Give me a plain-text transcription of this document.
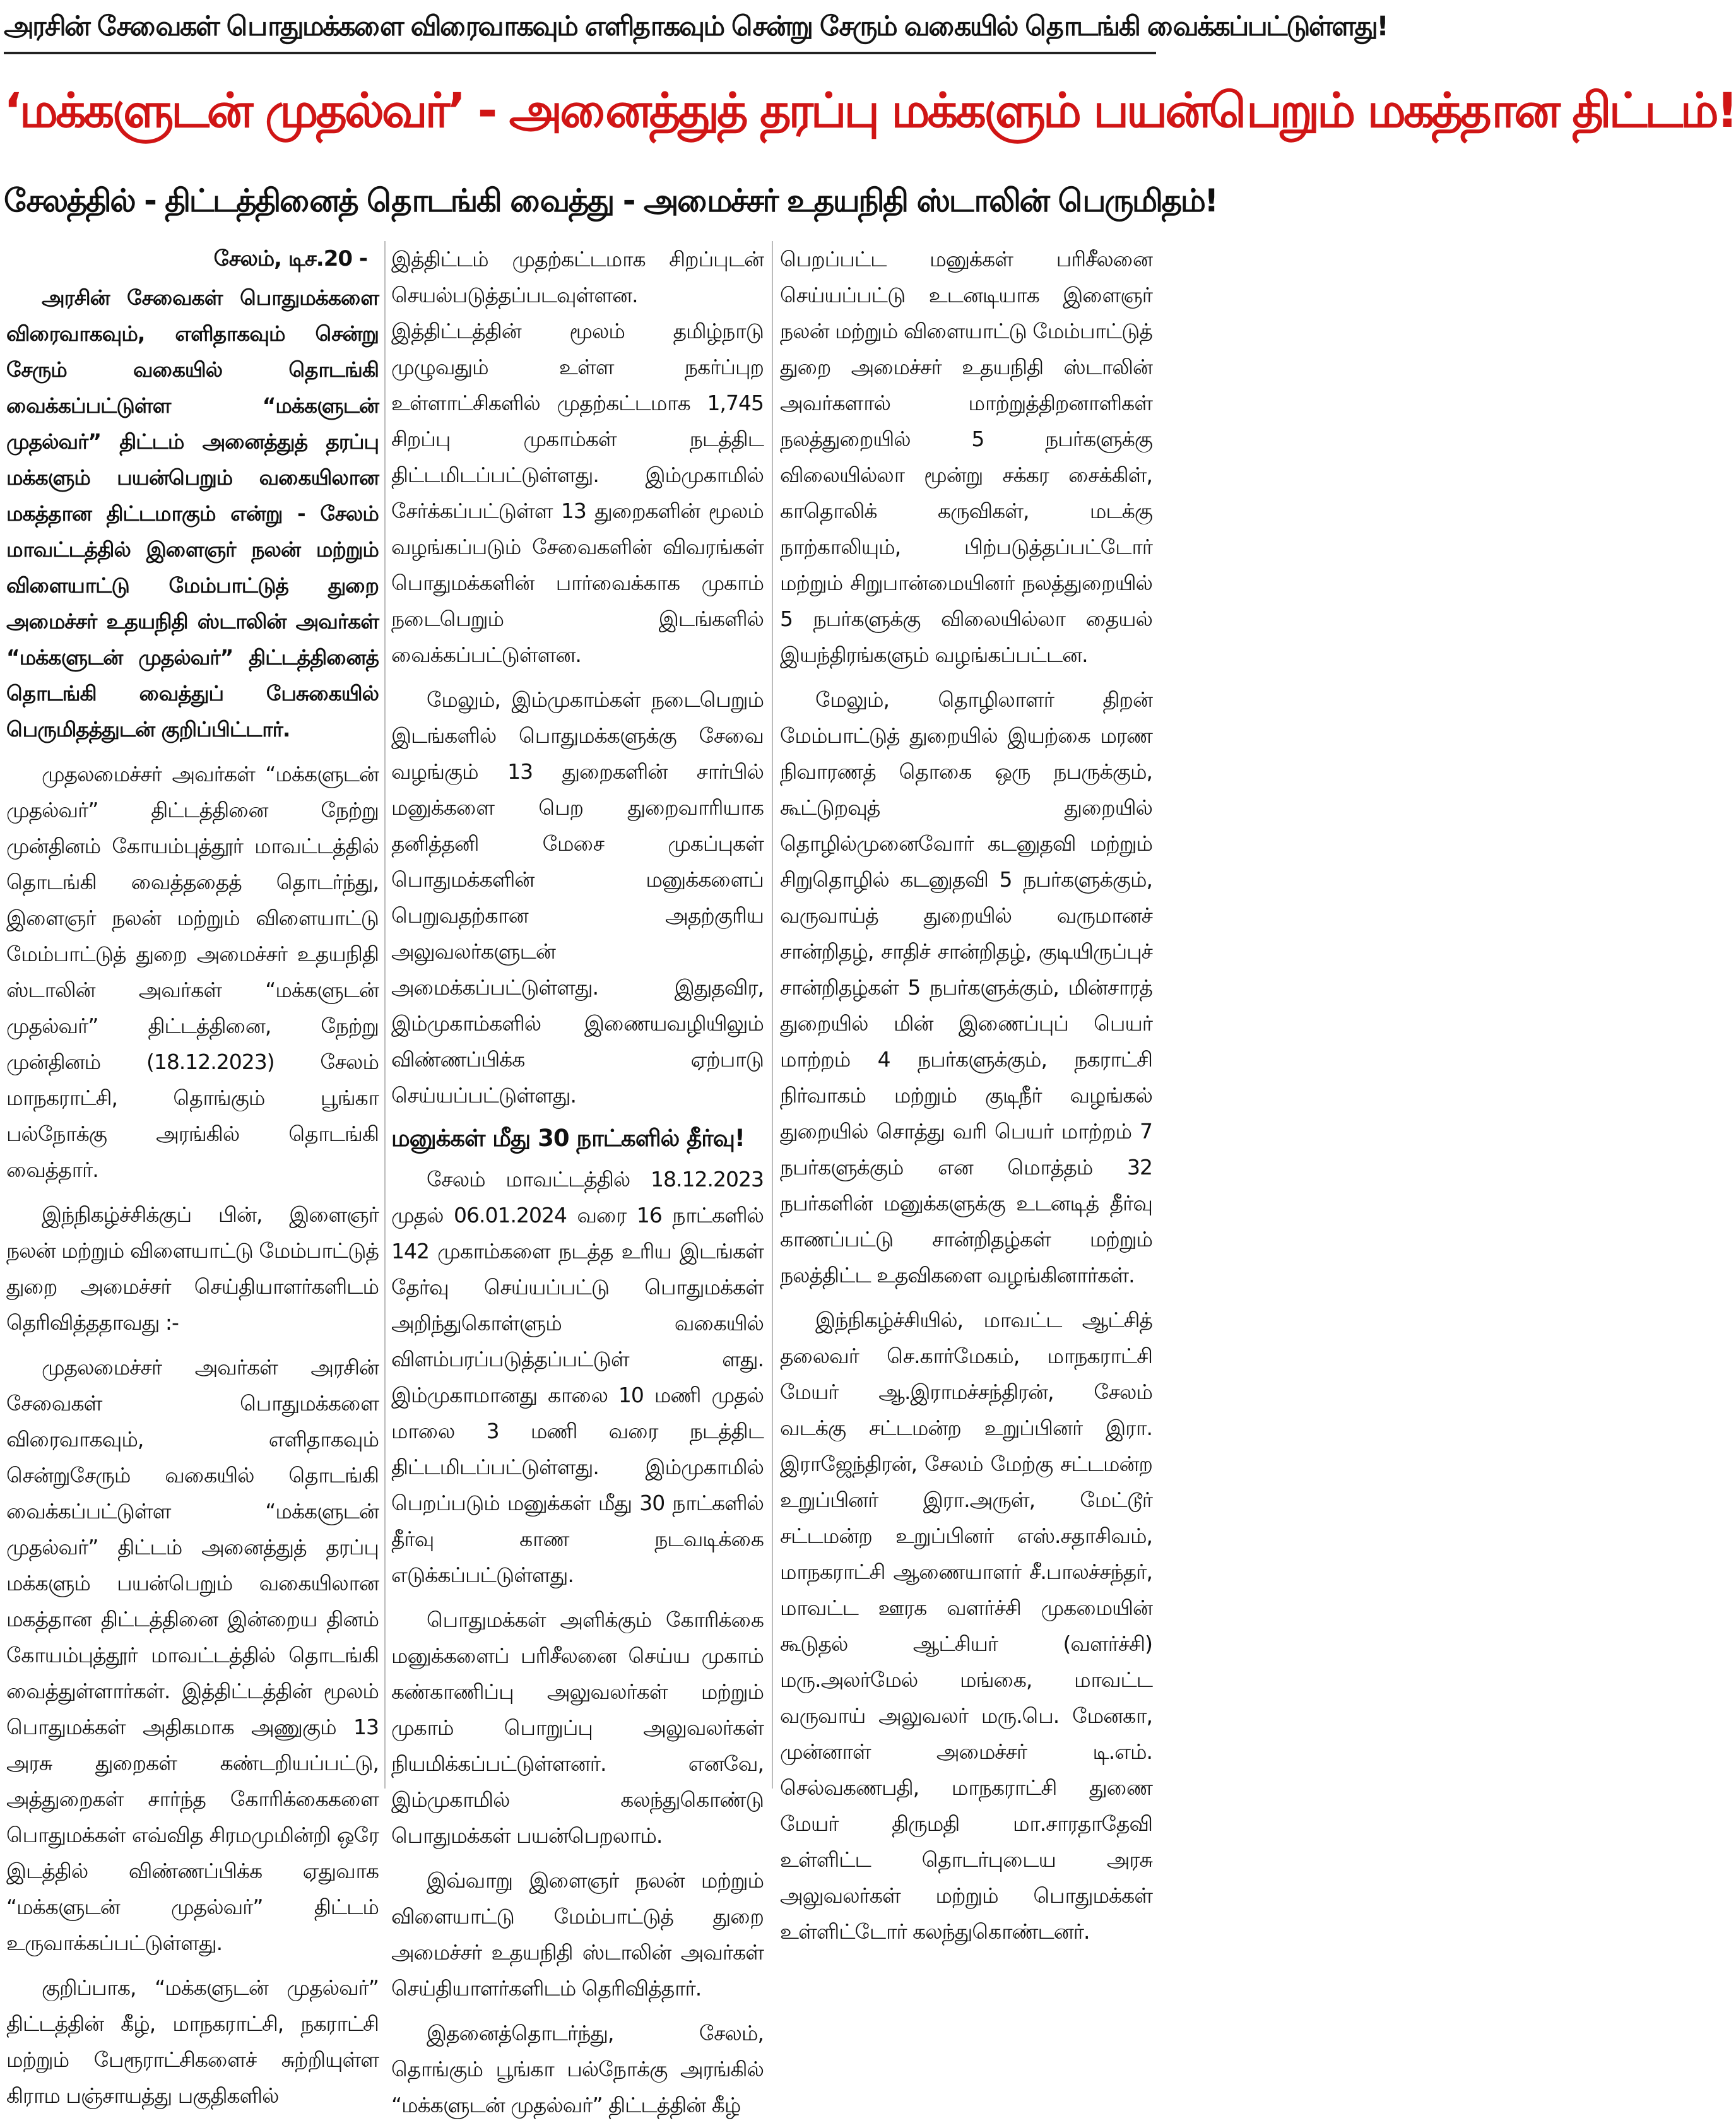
அரசின் சேவைகள் பொதுமக்களை விரைவாகவும் எளிதாகவும் சென்று சேரும் வகையில் தொடங்கி வைக்கப்பட்டுள்ளது!
‘மக்களுடன் முதல்வர்’ - அனைத்துத் தரப்பு மக்களும் பயன்பெறும் மகத்தான திட்டம்!
சேலத்தில் - திட்டத்தினைத் தொடங்கி வைத்து - அமைச்சர் உதயநிதி ஸ்டாலின் பெருமிதம்!
சேலம், டிச.20 -

அரசின் சேவைகள் பொதுமக்களை விரைவாகவும், எளிதாகவும் சென்று சேரும் வகையில் தொடங்கி வைக்கப்பட்டுள்ள “மக்களுடன் முதல்வர்” திட்டம் அனைத்துத் தரப்பு மக்களும் பயன்பெறும் வகையிலான மகத்தான திட்டமாகும் என்று - சேலம் மாவட்டத்தில் இளைஞர் நலன் மற்றும் விளையாட்டு மேம்பாட்டுத் துறை அமைச்சர் உதயநிதி ஸ்டாலின் அவர்கள் “மக்களுடன் முதல்வர்” திட்டத்தினைத் தொடங்கி வைத்துப் பேசுகையில் பெருமிதத்துடன் குறிப்பிட்டார்.

முதலமைச்சர் அவர்கள் “மக்களுடன் முதல்வர்” திட்டத்தினை நேற்று முன்தினம் கோயம்புத்தூர் மாவட்டத்தில் தொடங்கி வைத்ததைத் தொடர்ந்து, இளைஞர் நலன் மற்றும் விளையாட்டு மேம்பாட்டுத் துறை அமைச்சர் உதயநிதி ஸ்டாலின் அவர்கள் “மக்களுடன் முதல்வர்” திட்டத்தினை, நேற்று முன்தினம் (18.12.2023) சேலம் மாநகராட்சி, தொங்கும் பூங்கா பல்நோக்கு அரங்கில் தொடங்கி வைத்தார்.

இந்நிகழ்ச்சிக்குப் பின், இளைஞர் நலன் மற்றும் விளையாட்டு மேம்பாட்டுத் துறை அமைச்சர் செய்தியாளர்களிடம் தெரிவித்ததாவது :-

முதலமைச்சர் அவர்கள் அரசின் சேவைகள் பொதுமக்களை விரைவாகவும், எளிதாகவும் சென்றுசேரும் வகையில் தொடங்கி வைக்கப்பட்டுள்ள “மக்களுடன் முதல்வர்” திட்டம் அனைத்துத் தரப்பு மக்களும் பயன்பெறும் வகையிலான மகத்தான திட்டத்தினை இன்றைய தினம் கோயம்புத்தூர் மாவட்டத்தில் தொடங்கி வைத்துள்ளார்கள். இத்திட்டத்தின் மூலம் பொதுமக்கள் அதிகமாக அணுகும் 13 அரசு துறைகள் கண்டறியப்பட்டு, அத்துறைகள் சார்ந்த கோரிக்கைகளை பொதுமக்கள் எவ்வித சிரமமுமின்றி ஒரே இடத்தில் விண்ணப்பிக்க ஏதுவாக “மக்களுடன் முதல்வர்” திட்டம் உருவாக்கப்பட்டுள்ளது.

குறிப்பாக, “மக்களுடன் முதல்வர்” திட்டத்தின் கீழ், மாநகராட்சி, நகராட்சி மற்றும் பேரூராட்சிகளைச் சுற்றியுள்ள கிராம பஞ்சாயத்து பகுதிகளில்

இத்திட்டம் முதற்கட்டமாக சிறப்புடன் செயல்படுத்தப்படவுள்ளன. இத்திட்டத்தின் மூலம் தமிழ்நாடு முழுவதும் உள்ள நகர்ப்புற உள்ளாட்சிகளில் முதற்கட்டமாக 1,745 சிறப்பு முகாம்கள் நடத்திட திட்டமிடப்பட்டுள்ளது. இம்முகாமில் சேர்க்கப்பட்டுள்ள 13 துறைகளின் மூலம் வழங்கப்படும் சேவைகளின் விவரங்கள் பொதுமக்களின் பார்வைக்காக முகாம் நடைபெறும் இடங்களில் வைக்கப்பட்டுள்ளன.

மேலும், இம்முகாம்கள் நடைபெறும் இடங்களில் பொதுமக்களுக்கு சேவை வழங்கும் 13 துறைகளின் சார்பில் மனுக்களை பெற துறைவாரியாக தனித்தனி மேசை முகப்புகள் பொதுமக்களின் மனுக்களைப் பெறுவதற்கான அதற்குரிய அலுவலர்களுடன் அமைக்கப்பட்டுள்ளது. இதுதவிர, இம்முகாம்களில் இணையவழியிலும் விண்ணப்பிக்க ஏற்பாடு செய்யப்பட்டுள்ளது.

மனுக்கள் மீது 30 நாட்களில் தீர்வு!

சேலம் மாவட்டத்தில் 18.12.2023 முதல் 06.01.2024 வரை 16 நாட்களில் 142 முகாம்களை நடத்த உரிய இடங்கள் தேர்வு செய்யப்பட்டு பொதுமக்கள் அறிந்துகொள்ளும் வகையில் விளம்பரப்படுத்தப்பட்டுள் ளது. இம்முகாமானது காலை 10 மணி முதல் மாலை 3 மணி வரை நடத்திட திட்டமிடப்பட்டுள்ளது. இம்முகாமில் பெறப்படும் மனுக்கள் மீது 30 நாட்களில் தீர்வு காண நடவடிக்கை எடுக்கப்பட்டுள்ளது.

பொதுமக்கள் அளிக்கும் கோரிக்கை மனுக்களைப் பரிசீலனை செய்ய முகாம் கண்காணிப்பு அலுவலர்கள் மற்றும் முகாம் பொறுப்பு அலுவலர்கள் நியமிக்கப்பட்டுள்ளனர். எனவே, இம்முகாமில் கலந்துகொண்டு பொதுமக்கள் பயன்பெறலாம்.

இவ்வாறு இளைஞர் நலன் மற்றும் விளையாட்டு மேம்பாட்டுத் துறை அமைச்சர் உதயநிதி ஸ்டாலின் அவர்கள் செய்தியாளர்களிடம் தெரிவித்தார்.

இதனைத்தொடர்ந்து, சேலம், தொங்கும் பூங்கா பல்நோக்கு அரங்கில் “மக்களுடன் முதல்வர்” திட்டத்தின் கீழ்

பெறப்பட்ட மனுக்கள் பரிசீலனை செய்யப்பட்டு உடனடியாக இளைஞர் நலன் மற்றும் விளையாட்டு மேம்பாட்டுத் துறை அமைச்சர் உதயநிதி ஸ்டாலின் அவர்களால் மாற்றுத்திறனாளிகள் நலத்துறையில் 5 நபர்களுக்கு விலையில்லா மூன்று சக்கர சைக்கிள், காதொலிக் கருவிகள், மடக்கு நாற்காலியும், பிற்படுத்தப்பட்டோர் மற்றும் சிறுபான்மையினர் நலத்துறையில் 5 நபர்களுக்கு விலையில்லா தையல் இயந்திரங்களும் வழங்கப்பட்டன.

மேலும், தொழிலாளர் திறன் மேம்பாட்டுத் துறையில் இயற்கை மரண நிவாரணத் தொகை ஒரு நபருக்கும், கூட்டுறவுத் துறையில் தொழில்முனைவோர் கடனுதவி மற்றும் சிறுதொழில் கடனுதவி 5 நபர்களுக்கும், வருவாய்த் துறையில் வருமானச் சான்றிதழ், சாதிச் சான்றிதழ், குடியிருப்புச் சான்றிதழ்கள் 5 நபர்களுக்கும், மின்சாரத் துறையில் மின் இணைப்புப் பெயர் மாற்றம் 4 நபர்களுக்கும், நகராட்சி நிர்வாகம் மற்றும் குடிநீர் வழங்கல் துறையில் சொத்து வரி பெயர் மாற்றம் 7 நபர்களுக்கும் என மொத்தம் 32 நபர்களின் மனுக்களுக்கு உடனடித் தீர்வு காணப்பட்டு சான்றிதழ்கள் மற்றும் நலத்திட்ட உதவிகளை வழங்கினார்கள்.

இந்நிகழ்ச்சியில், மாவட்ட ஆட்சித் தலைவர் செ.கார்மேகம், மாநகராட்சி மேயர் ஆ.இராமச்சந்திரன், சேலம் வடக்கு சட்டமன்ற உறுப்பினர் இரா. இராஜேந்திரன், சேலம் மேற்கு சட்டமன்ற உறுப்பினர் இரா.அருள், மேட்டூர் சட்டமன்ற உறுப்பினர் எஸ்.சதாசிவம், மாநகராட்சி ஆணையாளர் சீ.பாலச்சந்தர், மாவட்ட ஊரக வளர்ச்சி முகமையின் கூடுதல் ஆட்சியர் (வளர்ச்சி) மரு.அலர்மேல் மங்கை, மாவட்ட வருவாய் அலுவலர் மரு.பெ. மேனகா, முன்னாள் அமைச்சர் டி.எம். செல்வகணபதி, மாநகராட்சி துணை மேயர் திருமதி மா.சாரதாதேவி உள்ளிட்ட தொடர்புடைய அரசு அலுவலர்கள் மற்றும் பொதுமக்கள் உள்ளிட்டோர் கலந்துகொண்டனர்.
